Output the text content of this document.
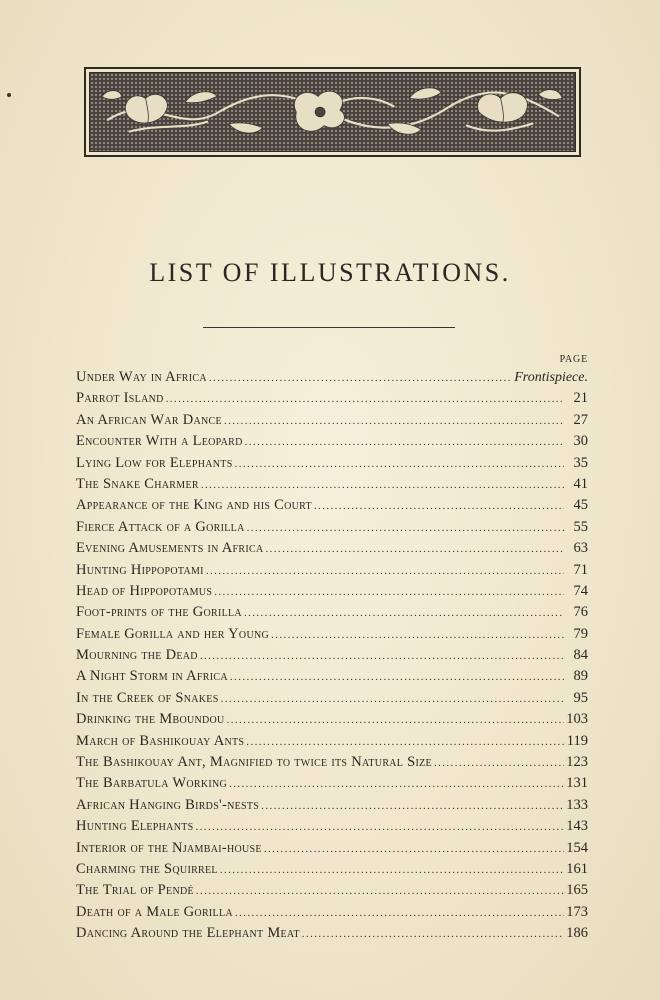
LIST OF ILLUSTRATIONS.
PAGE
Under Way in Africa .....	Frontispiece.
Parrot Island .....	21
An African War Dance .....	27
Encounter With a Leopard .....	30
Lying Low for Elephants .....	35
The Snake Charmer .....	41
Appearance of the King and his Court .....	45
Fierce Attack of a Gorilla .....	55
Evening Amusements in Africa .....	63
Hunting Hippopotami .....	71
Head of Hippopotamus .....	74
Foot-prints of the Gorilla .....	76
Female Gorilla and her Young .....	79
Mourning the Dead .....	84
A Night Storm in Africa .....	89
In the Creek of Snakes .....	95
Drinking the Mboundou .....	103
March of Bashikouay Ants .....	119
The Bashikouay Ant, Magnified to twice its Natural Size .....	123
The Barbatula Working .....	131
African Hanging Birds'-nests .....	133
Hunting Elephants .....	143
Interior of the Njambai-house .....	154
Charming the Squirrel .....	161
The Trial of Pendé .....	165
Death of a Male Gorilla .....	173
Dancing Around the Elephant Meat .....	186
